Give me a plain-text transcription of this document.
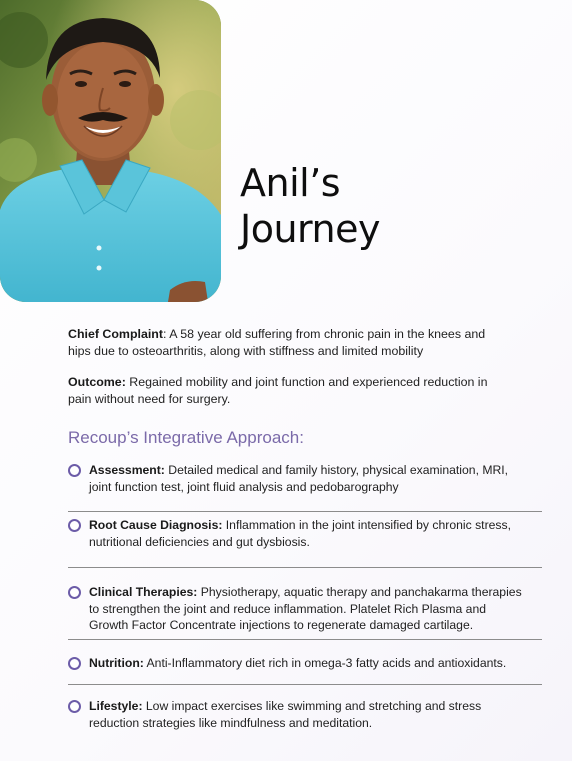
Anil’s
Journey

Chief Complaint: A 58 year old suffering from chronic pain in the knees and hips due to osteoarthritis, along with stiffness and limited mobility

Outcome: Regained mobility and joint function and experienced reduction in pain without need for surgery.

Recoup’s Integrative Approach:
Assessment: Detailed medical and family history, physical examination, MRI, joint function test, joint fluid analysis and pedobarography
Root Cause Diagnosis: Inflammation in the joint intensified by chronic stress, nutritional deficiencies and gut dysbiosis.
Clinical Therapies: Physiotherapy, aquatic therapy and panchakarma therapies to strengthen the joint and reduce inflammation. Platelet Rich Plasma and Growth Factor Concentrate injections to regenerate damaged cartilage.
Nutrition: Anti-Inflammatory diet rich in omega-3 fatty acids and antioxidants.
Lifestyle: Low impact exercises like swimming and stretching and stress reduction strategies like mindfulness and meditation.
